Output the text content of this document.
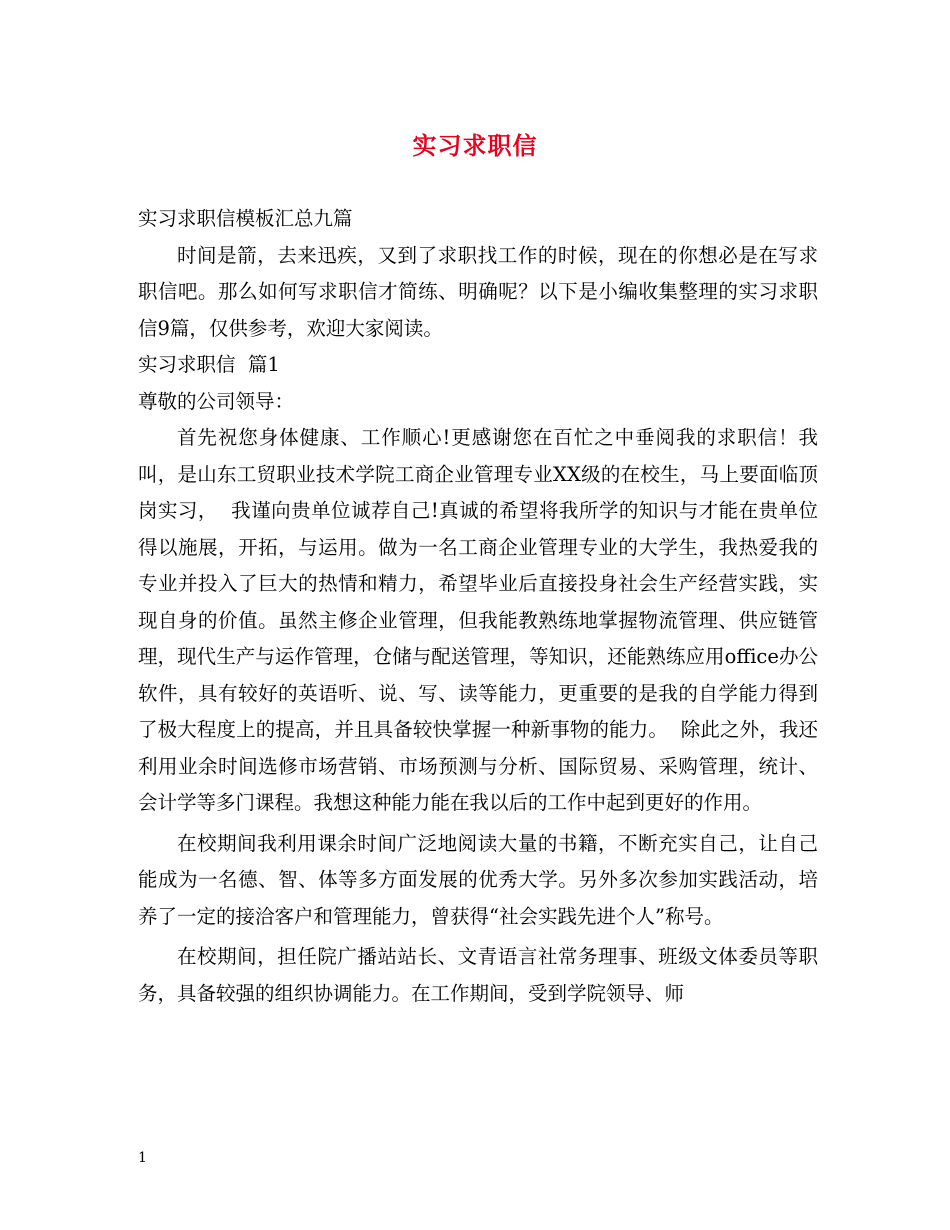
实习求职信

实习求职信模板汇总九篇

时间是箭，去来迅疾，又到了求职找工作的时候，现在的你想必是在写求职信吧。那么如何写求职信才简练、明确呢？以下是小编收集整理的实习求职信9篇，仅供参考，欢迎大家阅读。

实习求职信  篇1

尊敬的公司领导：

首先祝您身体健康、工作顺心!更感谢您在百忙之中垂阅我的求职信！我叫，是山东工贸职业技术学院工商企业管理专业XX级的在校生，马上要面临顶岗实习，  我谨向贵单位诚荐自己!真诚的希望将我所学的知识与才能在贵单位得以施展，开拓，与运用。做为一名工商企业管理专业的大学生，我热爱我的专业并投入了巨大的热情和精力，希望毕业后直接投身社会生产经营实践，实现自身的价值。虽然主修企业管理，但我能教熟练地掌握物流管理、供应链管理，现代生产与运作管理，仓储与配送管理，等知识，还能熟练应用office办公软件，具有较好的英语听、说、写、读等能力，更重要的是我的自学能力得到了极大程度上的提高，并且具备较快掌握一种新事物的能力。  除此之外，我还利用业余时间选修市场营销、市场预测与分析、国际贸易、采购管理，统计、会计学等多门课程。我想这种能力能在我以后的工作中起到更好的作用。

在校期间我利用课余时间广泛地阅读大量的书籍，不断充实自己，让自己能成为一名德、智、体等多方面发展的优秀大学。另外多次参加实践活动，培养了一定的接洽客户和管理能力，曾获得“社会实践先进个人”称号。

在校期间，担任院广播站站长、文青语言社常务理事、班级文体委员等职务，具备较强的组织协调能力。在工作期间，受到学院领导、师

1
